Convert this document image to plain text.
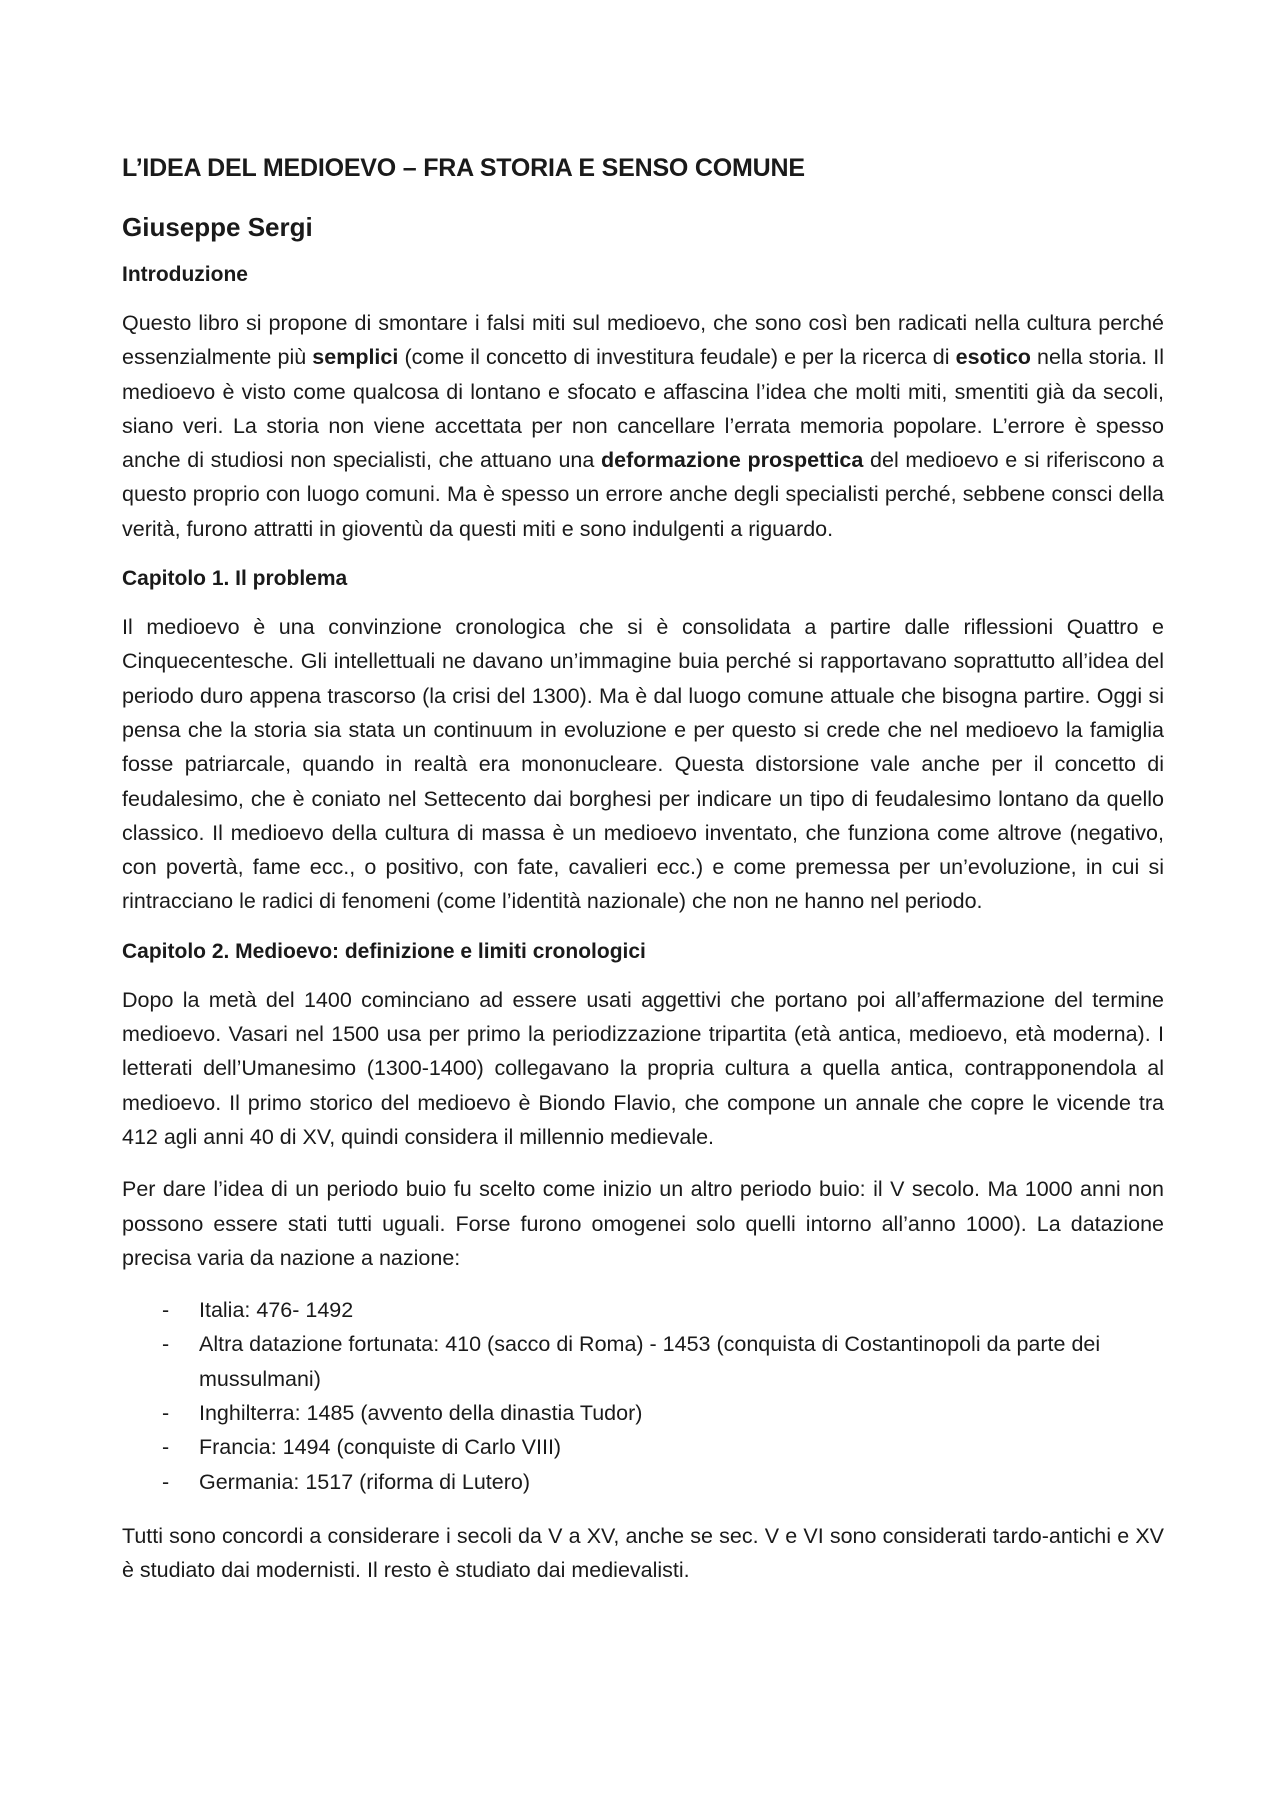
L’IDEA DEL MEDIOEVO – FRA STORIA E SENSO COMUNE
Giuseppe Sergi
Introduzione

Questo libro si propone di smontare i falsi miti sul medioevo, che sono così ben radicati nella cultura perché essenzialmente più semplici (come il concetto di investitura feudale) e per la ricerca di esotico nella storia. Il medioevo è visto come qualcosa di lontano e sfocato e affascina l’idea che molti miti, smentiti già da secoli, siano veri. La storia non viene accettata per non cancellare l’errata memoria popolare. L’errore è spesso anche di studiosi non specialisti, che attuano una deformazione prospettica del medioevo e si riferiscono a questo proprio con luogo comuni. Ma è spesso un errore anche degli specialisti perché, sebbene consci della verità, furono attratti in gioventù da questi miti e sono indulgenti a riguardo.

Capitolo 1. Il problema

Il medioevo è una convinzione cronologica che si è consolidata a partire dalle riflessioni Quattro e Cinquecentesche. Gli intellettuali ne davano un’immagine buia perché si rapportavano soprattutto all’idea del periodo duro appena trascorso (la crisi del 1300). Ma è dal luogo comune attuale che bisogna partire. Oggi si pensa che la storia sia stata un continuum in evoluzione e per questo si crede che nel medioevo la famiglia fosse patriarcale, quando in realtà era mononucleare. Questa distorsione vale anche per il concetto di feudalesimo, che è coniato nel Settecento dai borghesi per indicare un tipo di feudalesimo lontano da quello classico. Il medioevo della cultura di massa è un medioevo inventato, che funziona come altrove (negativo, con povertà, fame ecc., o positivo, con fate, cavalieri ecc.) e come premessa per un’evoluzione, in cui si rintracciano le radici di fenomeni (come l’identità nazionale) che non ne hanno nel periodo.

Capitolo 2. Medioevo: definizione e limiti cronologici

Dopo la metà del 1400 cominciano ad essere usati aggettivi che portano poi all’affermazione del termine medioevo. Vasari nel 1500 usa per primo la periodizzazione tripartita (età antica, medioevo, età moderna). I letterati dell’Umanesimo (1300-1400) collegavano la propria cultura a quella antica, contrapponendola al medioevo. Il primo storico del medioevo è Biondo Flavio, che compone un annale che copre le vicende tra 412 agli anni 40 di XV, quindi considera il millennio medievale.

Per dare l’idea di un periodo buio fu scelto come inizio un altro periodo buio: il V secolo. Ma 1000 anni non possono essere stati tutti uguali. Forse furono omogenei solo quelli intorno all’anno 1000). La datazione precisa varia da nazione a nazione:

- Italia: 476- 1492
- Altra datazione fortunata: 410 (sacco di Roma) - 1453 (conquista di Costantinopoli da parte dei mussulmani)
- Inghilterra: 1485 (avvento della dinastia Tudor)
- Francia: 1494 (conquiste di Carlo VIII)
- Germania: 1517 (riforma di Lutero)

Tutti sono concordi a considerare i secoli da V a XV, anche se sec. V e VI sono considerati tardo-antichi e XV è studiato dai modernisti. Il resto è studiato dai medievalisti.
